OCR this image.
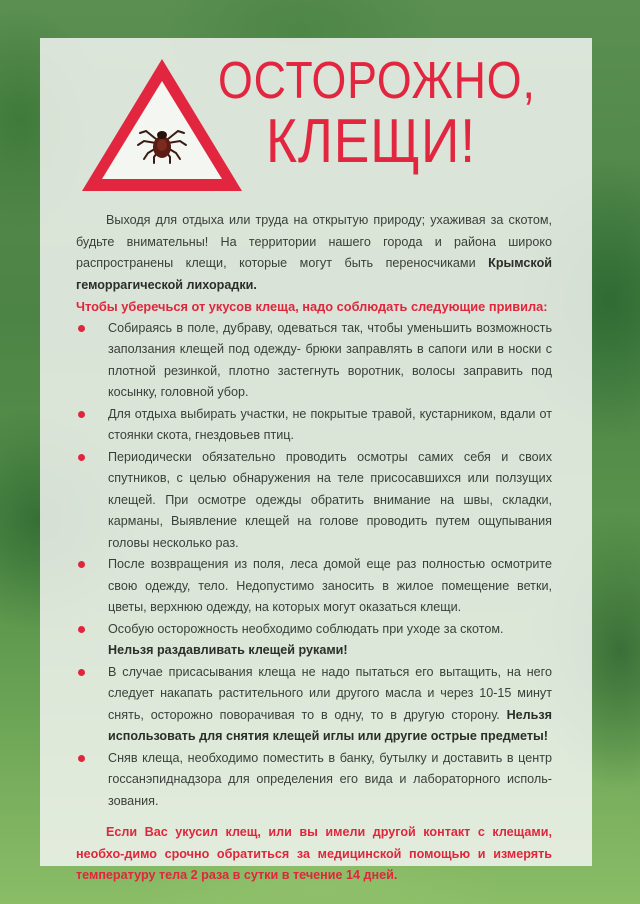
ОСТОРОЖНО,
КЛЕЩИ!

Выходя для отдыха или труда на открытую природу; ухаживая за скотом, будьте внимательны! На территории нашего города и района широко распространены клещи, которые могут быть переносчиками Крымской геморрагической лихорадки.

Чтобы уберечься от укусов клеща, надо соблюдать следующие привила:

Собираясь в поле, дубраву, одеваться так, чтобы уменьшить возможность заползания клещей под одежду- брюки заправлять в сапоги или в носки с плотной резинкой, плотно застегнуть воротник, волосы заправить под косынку, головной убор.
Для отдыха выбирать участки, не покрытые травой, кустарником, вдали от стоянки скота, гнездовьев птиц.
Периодически обязательно проводить осмотры самих себя и своих спутников, с целью обнаружения на теле присосавшихся или ползущих клещей. При осмотре одежды обратить внимание на швы, складки, карманы, Выявление клещей на голове проводить путем ощупывания головы несколько раз.
После возвращения из поля, леса домой еще раз полностью осмотрите свою одежду, тело. Недопустимо заносить в жилое помещение ветки, цветы, верхнюю одежду, на которых могут оказаться клещи.
Особую осторожность необходимо соблюдать при уходе за скотом.

Нельзя раздавливать клещей руками!

В случае присасывания клеща не надо пытаться его вытащить, на него следует накапать растительного или другого масла и через 10-15 минут снять, осторожно поворачивая то в одну, то в другую сторону. Нельзя использовать для снятия клещей иглы или другие острые предметы!
Сняв клеща, необходимо поместить в банку, бутылку и доставить в центр госсанэпиднадзора для определения его вида и лабораторного исполь-зования.

Если Вас укусил клещ, или вы имели другой контакт с клещами, необхо-димо срочно обратиться за медицинской помощью и измерять температуру тела 2 раза в сутки в течение 14 дней.
